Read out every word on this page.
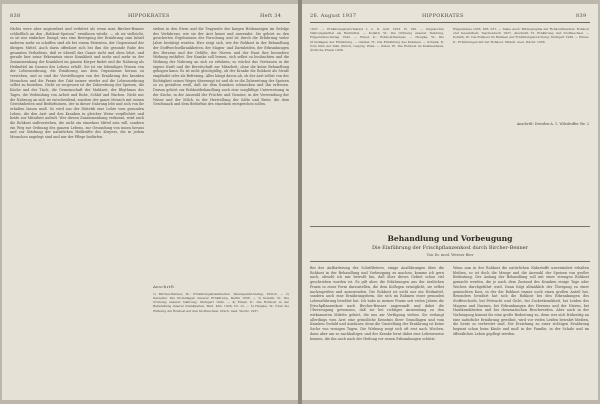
838	HIPPOKRATES	Heft 34

Nichts were aber angeordnet und verhütet als wenn man Bircher-Benner schließlich an den „Rohkost-Speisen“ erwähnen würde, — ob sie vielleicht, es ist nur einfacher Dampf, was eine Bewegung der Ernährung zum Inhalt anderen mehr zu schaffen sind als bei einem Patienten, der Gegenstand der übrigen Mittel. Auch darin offenbart sich bei ihm die gesunde Ruhe des gesamten Verhaltens, daß er überall das Ganze sieht und oben lehrt, und gerade hier seine Erkenntnis einer Krankheit und mehr und mehr zu der Zusammenhang der Krankheit im ganzen Körper findet und die Nahrung als Heilmittel im Ganzen des Lebens erfaßt. Sie ist ein lebendiges Wissen von der Lebensordnung, die Ernährung aus dem Organismus heraus zu verstehen, und so sind die Vorstellungen von der Ernährung des kranken Menschen und die Praxis der Diät immer wieder auf die Lebensordnung selbst zu beziehen. Nicht zu vergessen ist die Zubereitung der Speisen, die Küche und der Tisch, die Gemeinschaft der Mahlzeit, der Rhythmus des Tages, die Verbindung von Arbeit und Ruhe, Schlaf und Wachen. Nicht nur die Nahrung an sich ist entscheidend, sondern der ganze Mensch mit seinen Gewohnheiten und Bedürfnissen, der in dieser Nahrung lebt und sich von ihr erhalten lassen muß. So wird aus der Diätetik eine Lehre vom gesunden Leben, die den Arzt und den Kranken in gleicher Weise verpflichtet und beide zur Mitarbeit aufruft. Wer diesen Zusammenhang verkennt, wird auch die Rohkost mißverstehen, die nicht ein einzelnes Mittel sein will, sondern ein Weg zur Ordnung des ganzen Lebens, zur Gesundung von innen heraus und zur Stärkung der natürlichen Heilkräfte des Körpers, die in jedem Menschen angelegt sind und nur der Pflege bedürfen.

stehen in den Eiern und die Tragweite der kargen Heilanzeigen im Gefolge des Verfahrens, wie sie der Arzt kennt und anwendet. Sie gehört zu den gesicherten Ergebnissen der Forschung und ist durch die Erfahrung vieler Jahre bestätigt worden. Hier zeigt sich, wie die Rohkost in der Behandlung der Stoffwechselkrankheiten, der Magen- und Darmleiden, der Erkrankungen des Herzens und der Gefäße, der Nieren und der Haut ihre besondere Wirkung entfaltet. Der Kranke soll lernen, sich selbst zu beobachten und die Wirkung der Nahrung an sich zu erfahren; so wächst das Vertrauen in die eigene Kraft und die Bereitschaft zur Mitarbeit, ohne die keine Behandlung gelingen kann. Es ist nicht gleichgültig, ob der Kranke die Rohkost als Strafe empfindet oder als Befreiung. Alles hängt davon ab, ob der Arzt selbst von der Richtigkeit seines Weges überzeugt ist und ob er die Zubereitung der Speisen so zu gestalten weiß, daß sie dem Kranken schmecken und ihn erfreuen. Darum gehört zur Rohkostbehandlung auch eine sorgfältige Unterweisung in der Küche, in der Auswahl der Früchte und Gemüse, in der Verwendung der Nüsse und der Milch, in der Herstellung der Säfte und Breie, die dem Geschmack und dem Bedürfnis des einzelnen entsprechen sollen.

Anschrift

1) Bircher-Benner, M.: Ernährungskrankheiten. Wendepunkt-Verlag, Zürich. — 2) Derselbe: Die Grundlagen unserer Ernährung. Berlin 1936. — 3) Kollath, W.: Die Ordnung unserer Nahrung. Stuttgart 1942. — 4) Eimer, K.: Die Rohkost in der Behandlung innerer Krankheiten. Med. Klin. 1936, Nr. 12. — 5) Heupke, W.: Über die Wirkung der Rohkost auf den Stoffwechsel. Dtsch. med. Wschr. 1937.

26. August 1937	HIPPOKRATES	839

1937. — Ernährungsreformation I. u. II. Aufl. 1932. H. 190. — Ungekochte Nahrungsmittel als Heilmittel. — Kollath, W.: Die Ordnung unserer Nahrung, Hippokrates-Verlag 1942. — Eimer, K.: Rohkosttherapie. — Heupke, W.: Die Grundlagen der Ernährung. — Glatzel, H.: Die Ernährung des Kranken. — Schenk, P.: Vom Sinn der Diät, Zürich, Leipzig, Wien. — Zabel, W.: Die Rohkost im Krankenhaus, Ärztliche Praxis 1936.

Hippokrates 1935, 636, 637. — Siehe auch: Bibliographie der Rohkostliteratur. Rohkost und Gesundheit, Taschenbuch 1937, Abschnitt VI. Ernährung und Stoffwechsel. — Kollath, W.: Die Rohkost im Rahmen der Ernährungsforschung. Stuttgart 1936. — Eimer, K.: Erfahrungen mit der Rohkost. Münch. med. Wschr. 1936.

Anschrift: Dresden-A. 1, Wilsdruffer Str. 2

Behandlung und Vorbeugung
Die Einführung der Frischpflanzenkost durch Bircher-Benner
Von Dr. med. Werner Bier

Bei der Aufforderung des Schriftleiters, einige Ausführungen über die Rohkost in der Behandlung und Vorbeugung zu machen, komme ich gern nach, obwohl ich mir bewußt bin, daß über dieses Gebiet schon viel geschrieben worden ist. Es gilt aber, die Erfahrungen aus der ärztlichen Praxis in einer Form darzustellen, die dem Kollegen ermöglicht, sie selbst nachzuprüfen und anzuwenden. Die Rohkost ist nicht nur ein Heilmittel, sondern auch eine Ernährungsform, die sich im Rahmen einer gesunden Lebensführung bewährt hat. Ich habe in meiner Praxis seit vielen Jahren die Frischpflanzenkost nach Bircher-Benner angewandt und dabei die Überzeugung gewonnen, daß sie bei richtiger Anwendung zu den wirksamsten Mitteln gehört, die uns zur Verfügung stehen. Sie verlangt allerdings vom Arzt eine gründliche Kenntnis ihrer Grundlagen und vom Kranken Geduld und Ausdauer, denn die Umstellung der Ernährung ist keine Sache von wenigen Tagen. Die Wirkung zeigt sich oft erst nach Wochen, dann aber um so nachhaltiger, und der Kranke lernt dabei eine Lebensweise kennen, die ihn auch nach der Heilung vor neuen Erkrankungen schützt.

Wenn nun in der Rohkost die natürlichen Nährstoffe unverändert erhalten bleiben, so ist doch die Menge und die Auswahl der Speisen von großer Bedeutung. Der Anfang der Behandlung soll mit einer strengen Rohkost gemacht werden, die je nach dem Zustand des Kranken einige Tage oder Wochen durchgeführt wird. Dann folgt allmählich der Übergang zu einer gemischten Kost, in der die Rohkost immer noch einen großen Anteil hat. Besonders bewährt hat sich die Rohkost bei den Erkrankungen des Stoffwechsels, bei Fettsucht und Gicht, bei Zuckerkrankheit, bei Leiden des Magens und Darmes, bei Erkrankungen des Herzens und der Nieren, bei Hautkrankheiten und bei rheumatischen Beschwerden. Aber auch in der Vorbeugung kommt ihr eine große Bedeutung zu, denn wer sich frühzeitig an eine natürliche Ernährung gewöhnt, wird vor vielen Leiden bewahrt bleiben, die heute so verbreitet sind. Die Erziehung zu einer richtigen Ernährung beginnt schon beim Kinde und muß in der Familie, in der Schule und im öffentlichen Leben gepflegt werden.
